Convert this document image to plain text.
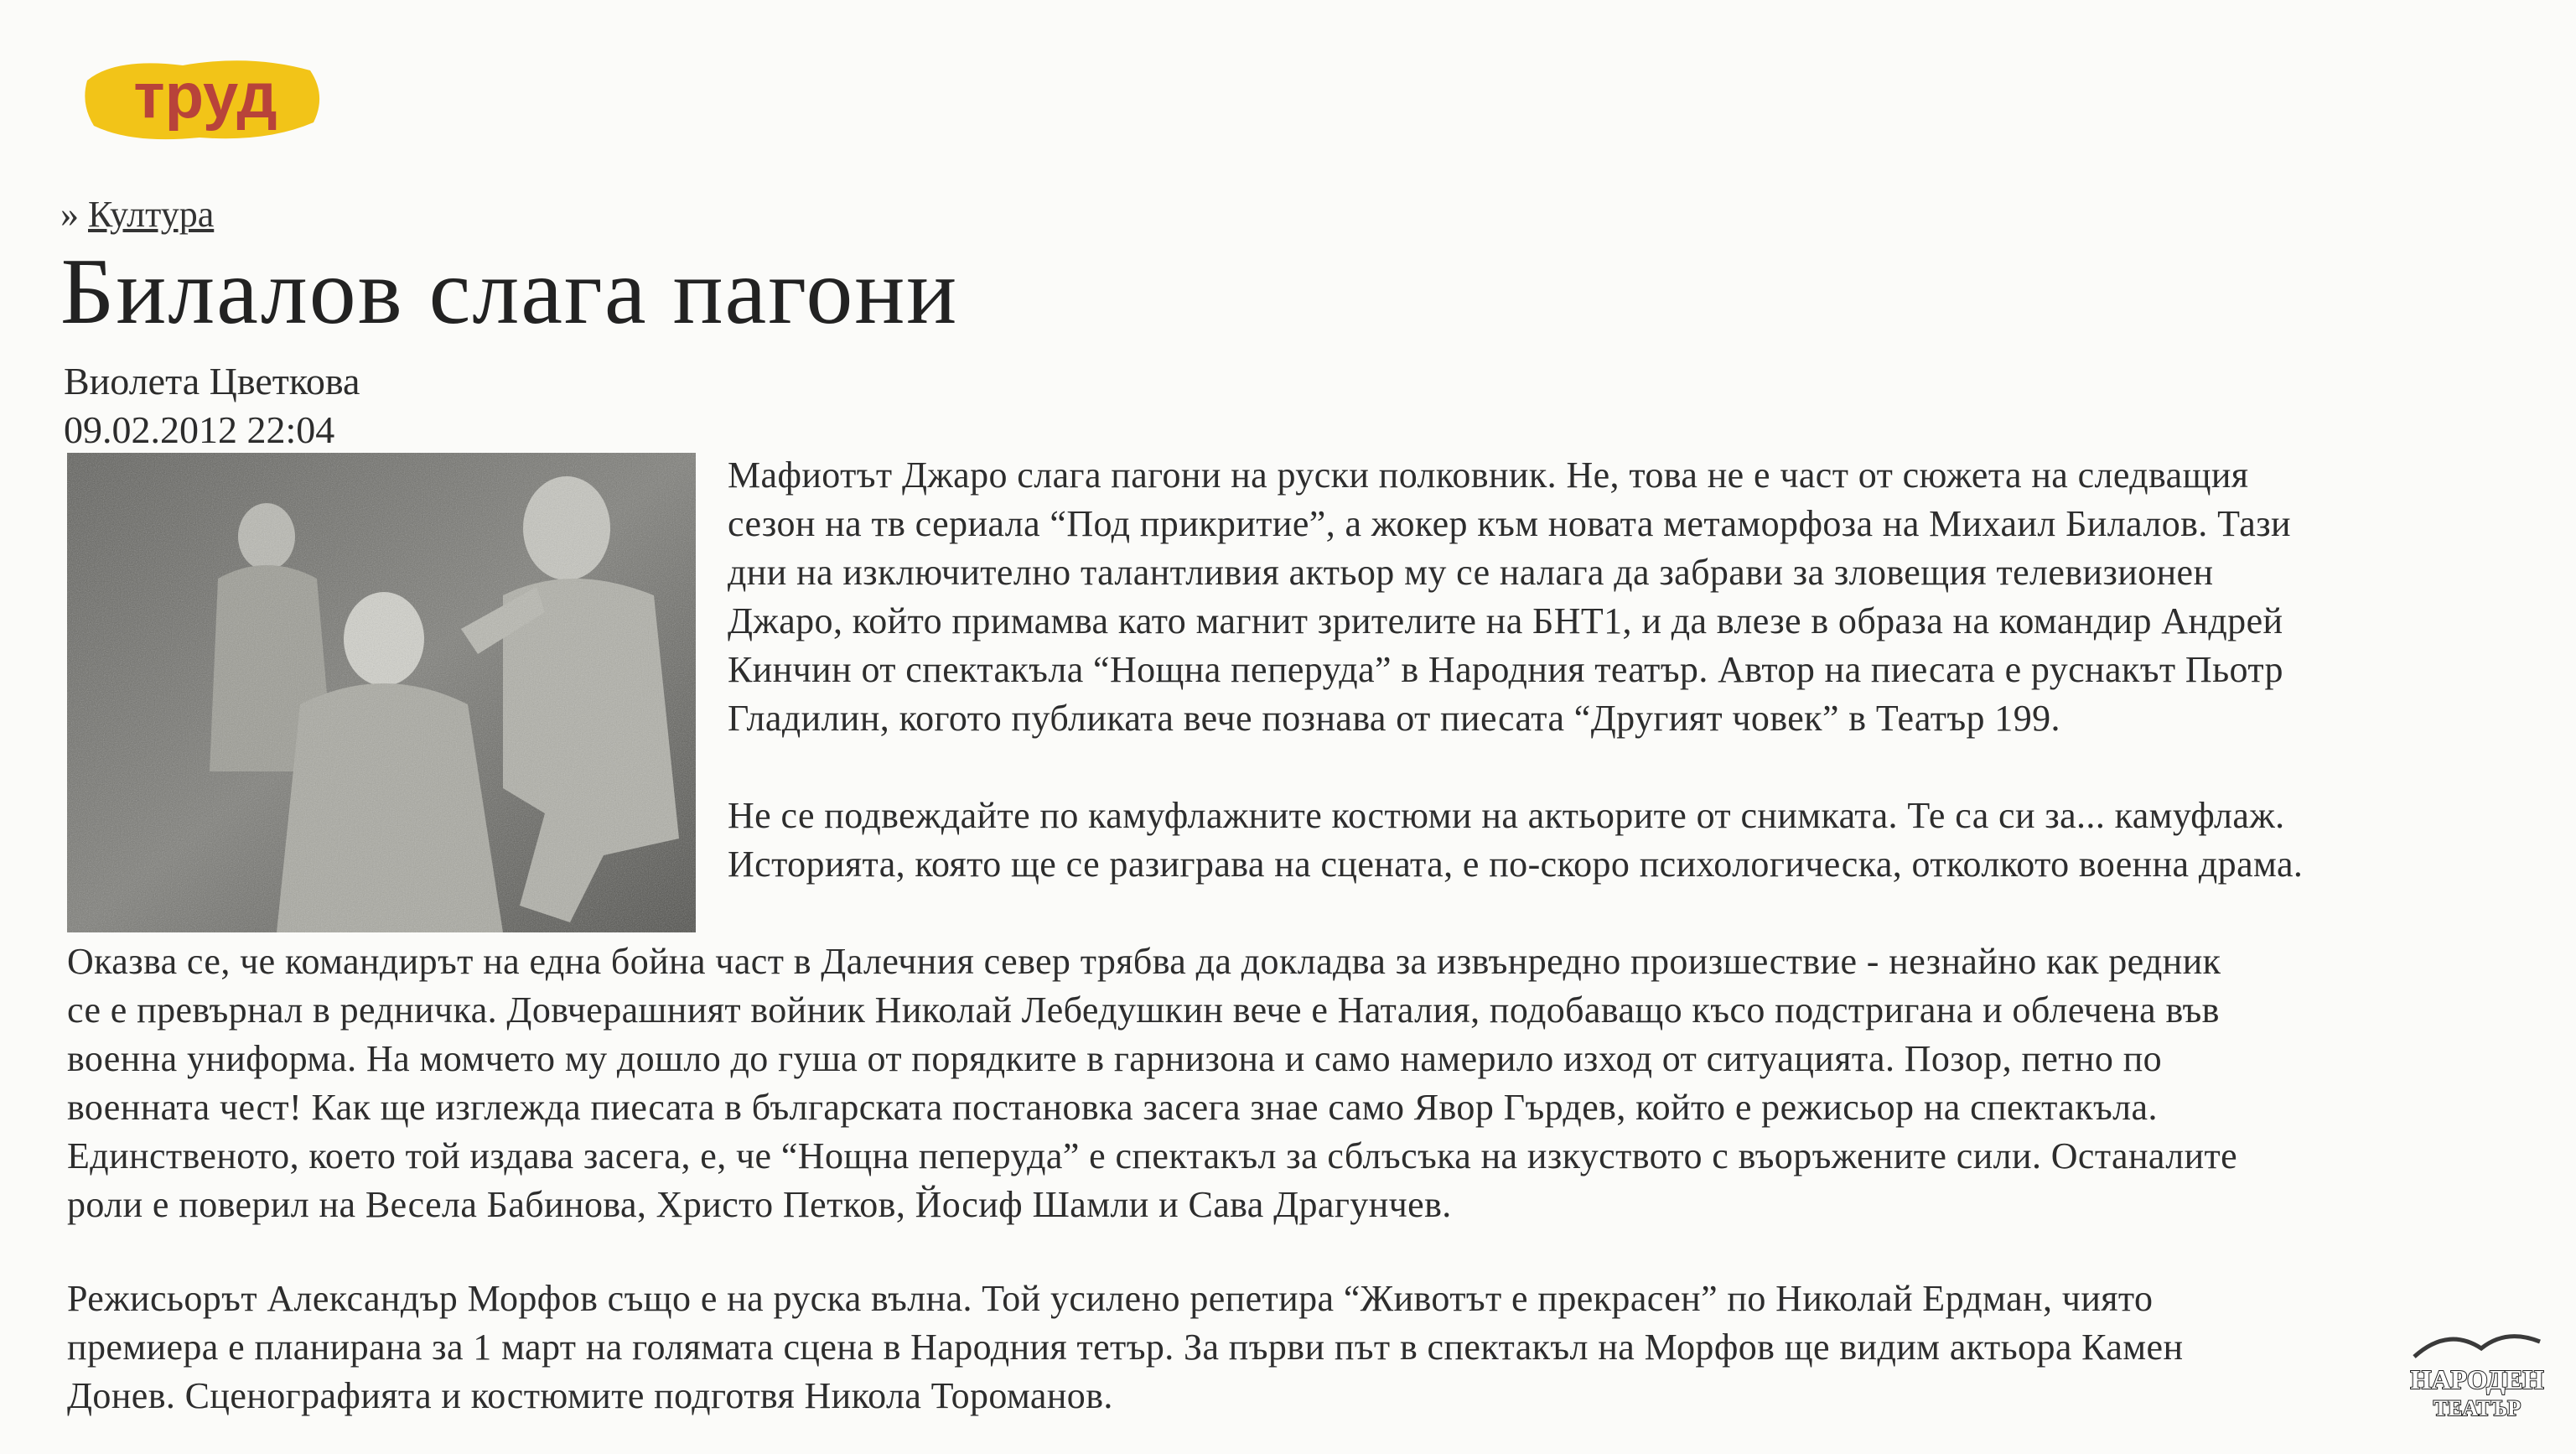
труд
» Култура
Билалов слага пагони
Виолета Цветкова
09.02.2012 22:04

Мафиотът Джаро слага пагони на руски полковник. Не, това не е част от сюжета на следващия
сезон на тв сериала “Под прикритие”, а жокер към новата метаморфоза на Михаил Билалов. Тази
дни на изключително талантливия актьор му се налага да забрави за зловещия телевизионен
Джаро, който примамва като магнит зрителите на БНТ1, и да влезе в образа на командир Андрей
Кинчин от спектакъла “Нощна пеперуда” в Народния театър. Автор на пиесата е руснакът Пьотр
Гладилин, когото публиката вече познава от пиесата “Другият човек” в Театър 199.

Не се подвеждайте по камуфлажните костюми на актьорите от снимката. Те са си за... камуфлаж.
Историята, която ще се разиграва на сцената, е по-скоро психологическа, отколкото военна драма.

Оказва се, че командирът на една бойна част в Далечния север трябва да докладва за извънредно произшествие - незнайно как редник
се е превърнал в редничка. Довчерашният войник Николай Лебедушкин вече е Наталия, подобаващо късо подстригана и облечена във
военна униформа. На момчето му дошло до гуша от порядките в гарнизона и само намерило изход от ситуацията. Позор, петно по
военната чест! Как ще изглежда пиесата в българската постановка засега знае само Явор Гърдев, който е режисьор на спектакъла.
Единственото, което той издава засега, е, че “Нощна пеперуда” е спектакъл за сблъсъка на изкуството с въоръжените сили. Останалите
роли е поверил на Весела Бабинова, Христо Петков, Йосиф Шамли и Сава Драгунчев.

Режисьорът Александър Морфов също е на руска вълна. Той усилено репетира “Животът е прекрасен” по Николай Ердман, чиято
премиера е планирана за 1 март на голямата сцена в Народния тетър. За първи път в спектакъл на Морфов ще видим актьора Камен
Донев. Сценографията и костюмите подготвя Никола Тороманов.	НАРОДЕН
ТЕАТЪР
